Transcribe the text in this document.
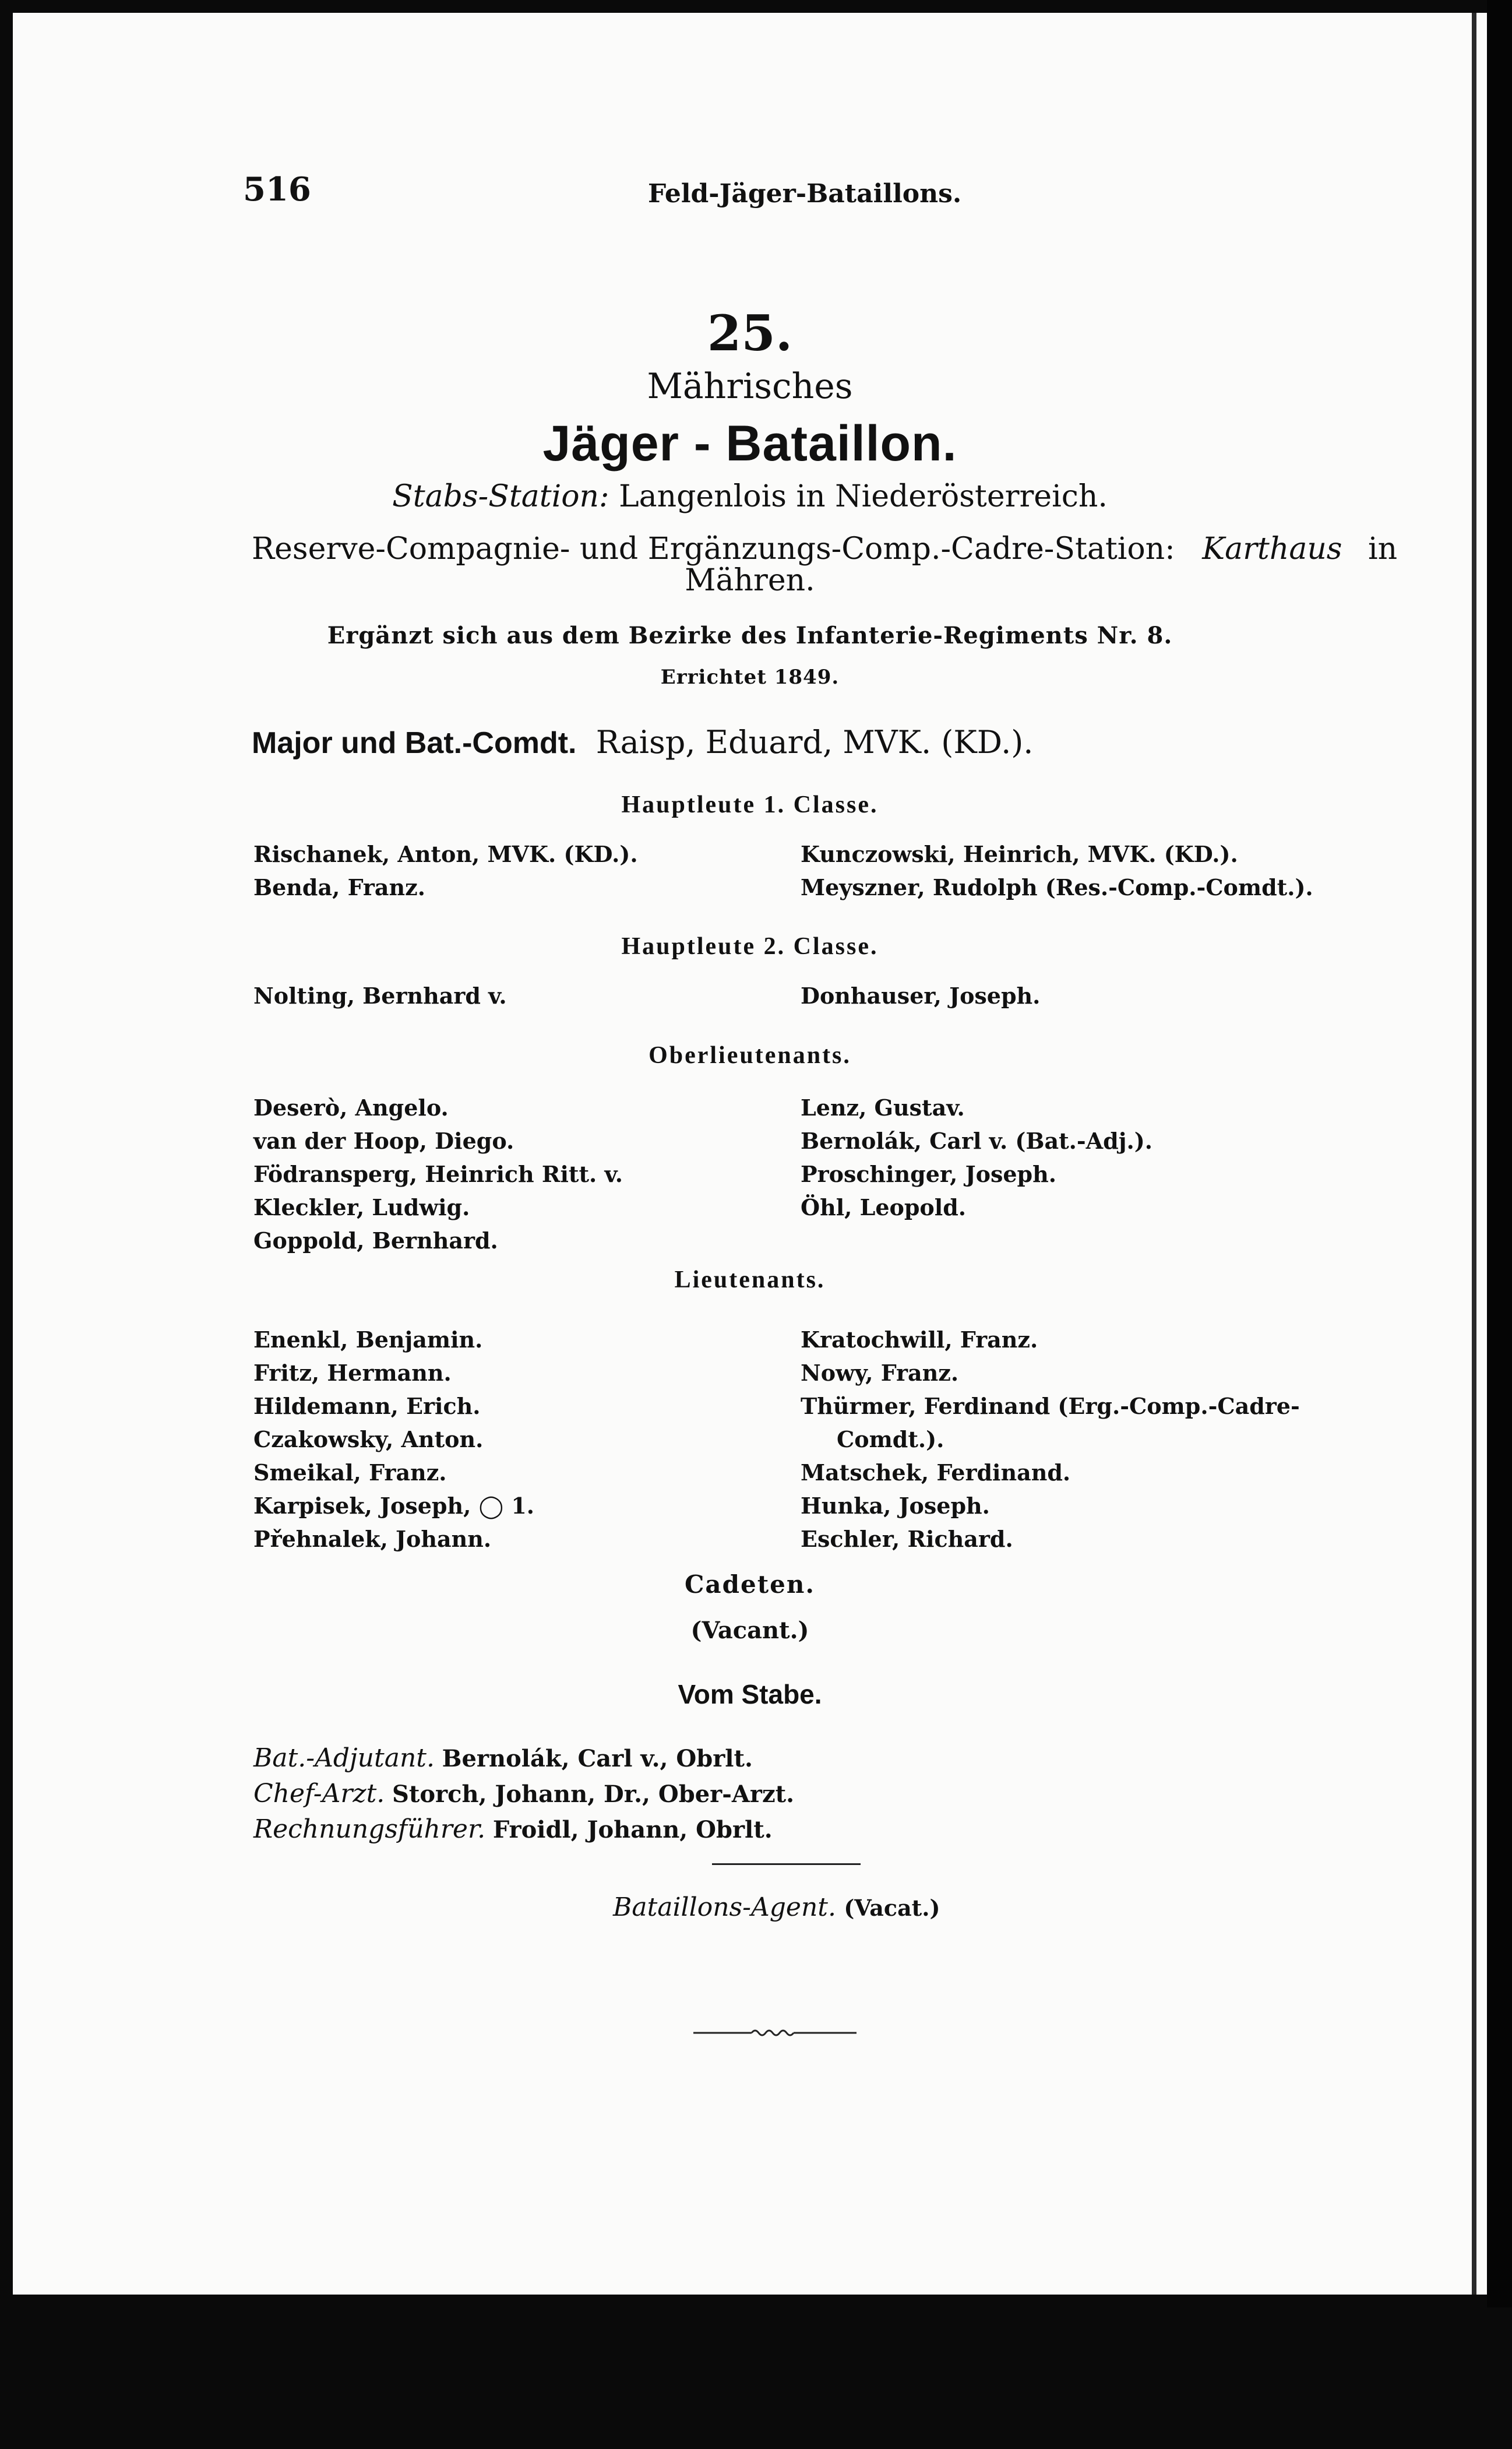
516	Feld-Jäger-Bataillons.
25.
Mährisches
Jäger - Bataillon.
Stabs-Station: Langenlois in Niederösterreich.
Reserve-Compagnie- und Ergänzungs-Comp.-Cadre-Station: Karthaus in
Mähren.
Ergänzt sich aus dem Bezirke des Infanterie-Regiments Nr. 8.
Errichtet 1849.
Major und Bat.-Comdt. Raisp, Eduard, MVK. (KD.).
Hauptleute 1. Classe.
Rischanek, Anton, MVK. (KD.).
Benda, Franz.
Kunczowski, Heinrich, MVK. (KD.).
Meyszner, Rudolph (Res.-Comp.-Comdt.).
Hauptleute 2. Classe.
Nolting, Bernhard v.	Donhauser, Joseph.
Oberlieutenants.
Deserò, Angelo.
van der Hoop, Diego.
Födransperg, Heinrich Ritt. v.
Kleckler, Ludwig.
Goppold, Bernhard.
Lenz, Gustav.
Bernolák, Carl v. (Bat.-Adj.).
Proschinger, Joseph.
Öhl, Leopold.
Lieutenants.
Enenkl, Benjamin.
Fritz, Hermann.
Hildemann, Erich.
Czakowsky, Anton.
Smeikal, Franz.
Karpisek, Joseph, ◯ 1.
Přehnalek, Johann.
Kratochwill, Franz.
Nowy, Franz.
Thürmer, Ferdinand (Erg.-Comp.-Cadre-
Comdt.).
Matschek, Ferdinand.
Hunka, Joseph.
Eschler, Richard.
Cadeten.
(Vacant.)
Vom Stabe.
Bat.-Adjutant. Bernolák, Carl v., Obrlt.
Chef-Arzt. Storch, Johann, Dr., Ober-Arzt.
Rechnungsführer. Froidl, Johann, Obrlt.
Bataillons-Agent. (Vacat.)
